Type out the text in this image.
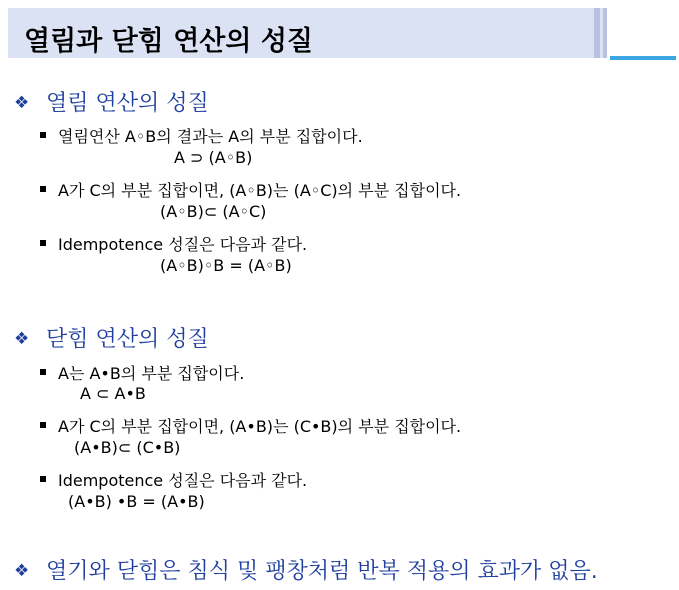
열림과 닫힘 연산의 성질
❖ 열림 연산의 성질
열림연산 A◦B의 결과는 A의 부분 집합이다.
A ⊃ (A◦B)
A가 C의 부분 집합이면, (A◦B)는 (A◦C)의 부분 집합이다.
(A◦B)⊂ (A◦C)
Idempotence 성질은 다음과 같다.
(A◦B)◦B = (A◦B)
❖ 닫힘 연산의 성질
A는 A•B의 부분 집합이다.
A ⊂ A•B
A가 C의 부분 집합이면, (A•B)는 (C•B)의 부분 집합이다.
(A•B)⊂ (C•B)
Idempotence 성질은 다음과 같다.
(A•B) •B = (A•B)
❖ 열기와 닫힘은 침식 및 팽창처럼 반복 적용의 효과가 없음.
